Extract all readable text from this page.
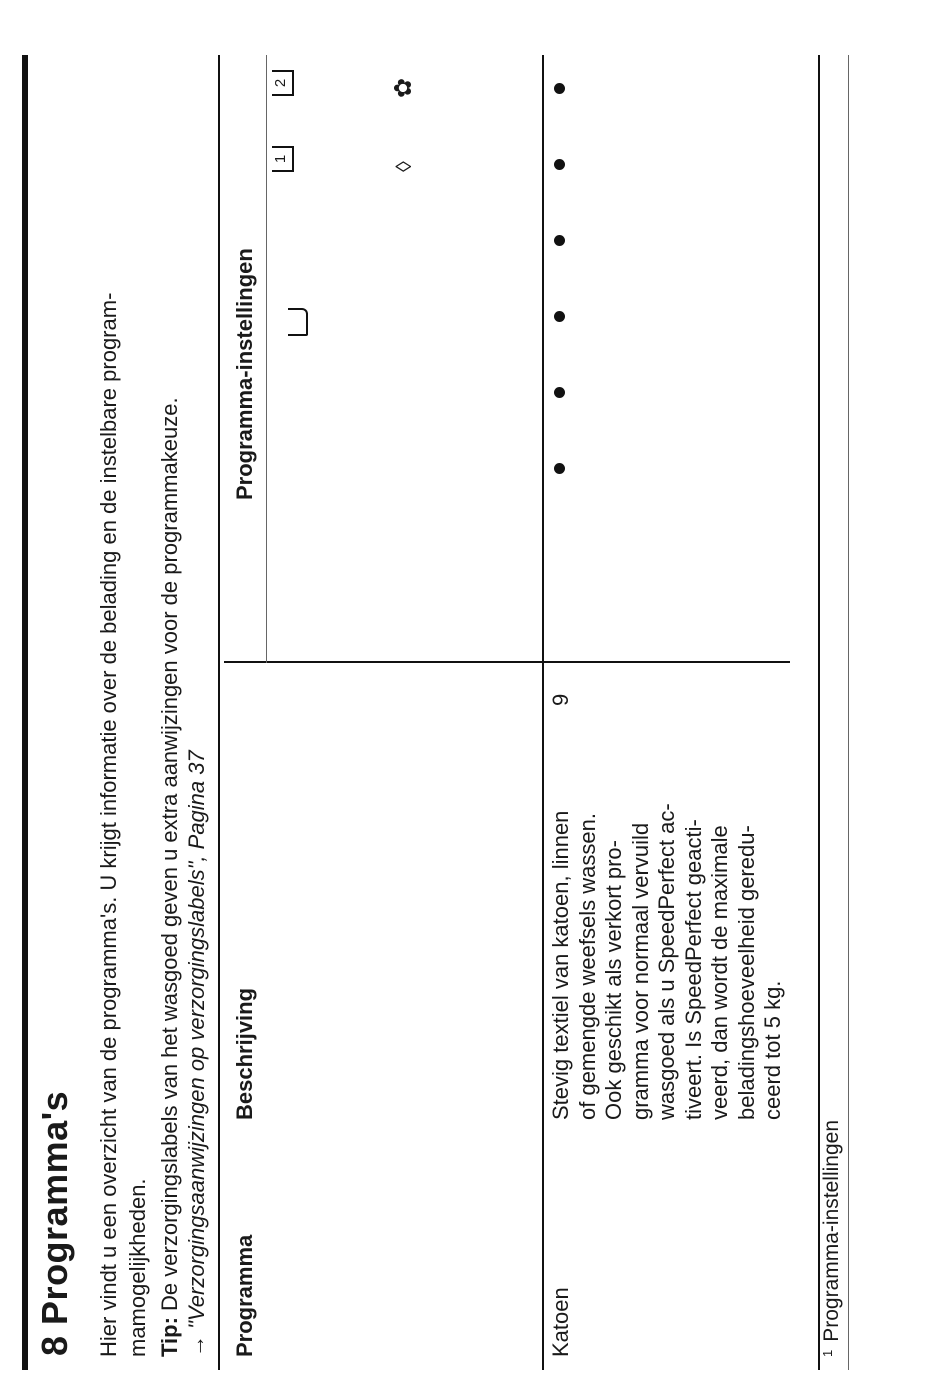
8 Programma's Hier vindt u een overzicht van de programma's. U krijgt informatie over de belading en de instelbare program- mamogelijkheden. Tip: De verzorgingslabels van het wasgoed geven u extra aanwijzingen voor de programmakeuze.
→ "Verzorgingsaanwijzingen op verzorgingslabels", Pagina 37
Programma
Beschrijving
Programma-instellingen
1
2
◊
✿
Katoen
Stevig textiel van katoen, linnen of gemengde weefsels wassen. Ook geschikt als verkort pro- gramma voor normaal vervuild wasgoed als u SpeedPerfect ac- tiveert. Is SpeedPerfect geacti- veerd, dan wordt de maximale beladingshoeveelheid geredu- ceerd tot 5 kg.
9
$^1$Programma-instellingen
